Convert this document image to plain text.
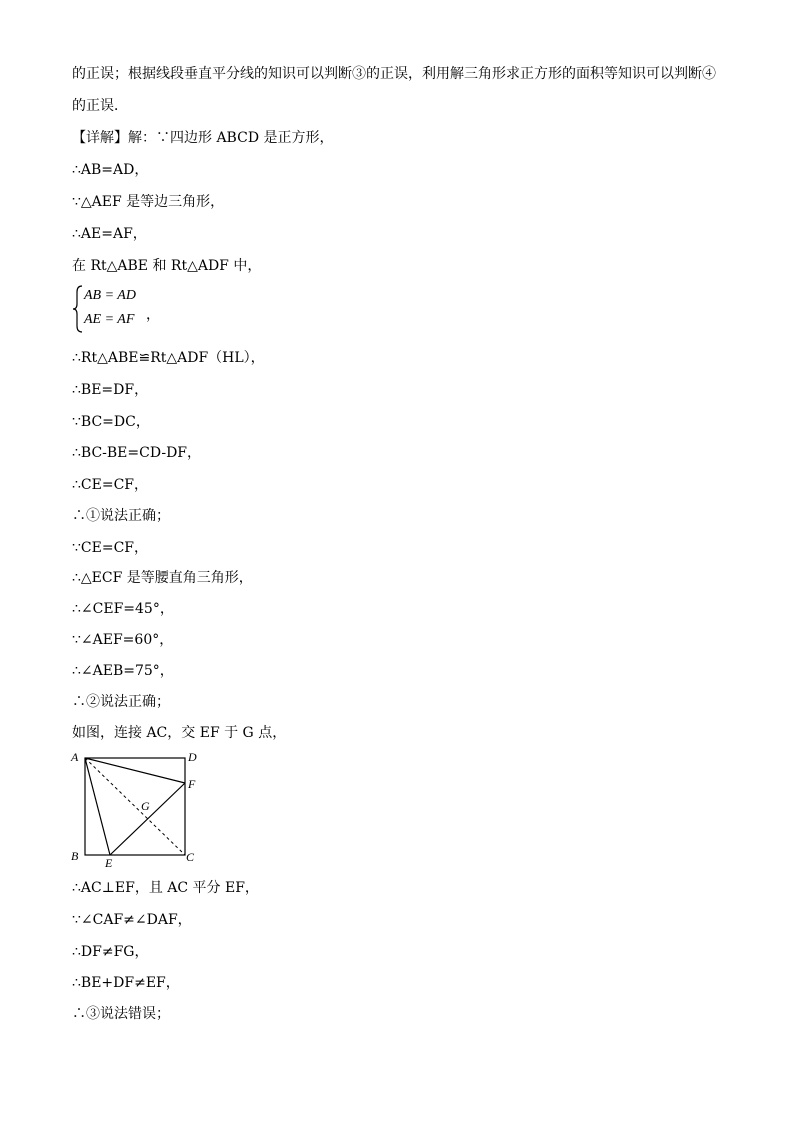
的正误；根据线段垂直平分线的知识可以判断③的正误，利用解三角形求正方形的面积等知识可以判断④
的正误．
【详解】解：∵四边形 ABCD 是正方形，
∴AB=AD，
∵△AEF 是等边三角形，
∴AE=AF，
在 Rt△ABE 和 Rt△ADF 中，
∴Rt△ABE≌Rt△ADF（HL），
∴BE=DF，
∵BC=DC，
∴BC-BE=CD-DF，
∴CE=CF，
∴①说法正确；
∵CE=CF，
∴△ECF 是等腰直角三角形，
∴∠CEF=45°，
∵∠AEF=60°，
∴∠AEB=75°，
∴②说法正确；
如图，连接 AC，交 EF 于 G 点，
∴AC⊥EF，且 AC 平分 EF，
∵∠CAF≠∠DAF，
∴DF≠FG，
∴BE+DF≠EF，
∴③说法错误；
AB = AD
AE = AF ，
A	D
F
G
B E	C
